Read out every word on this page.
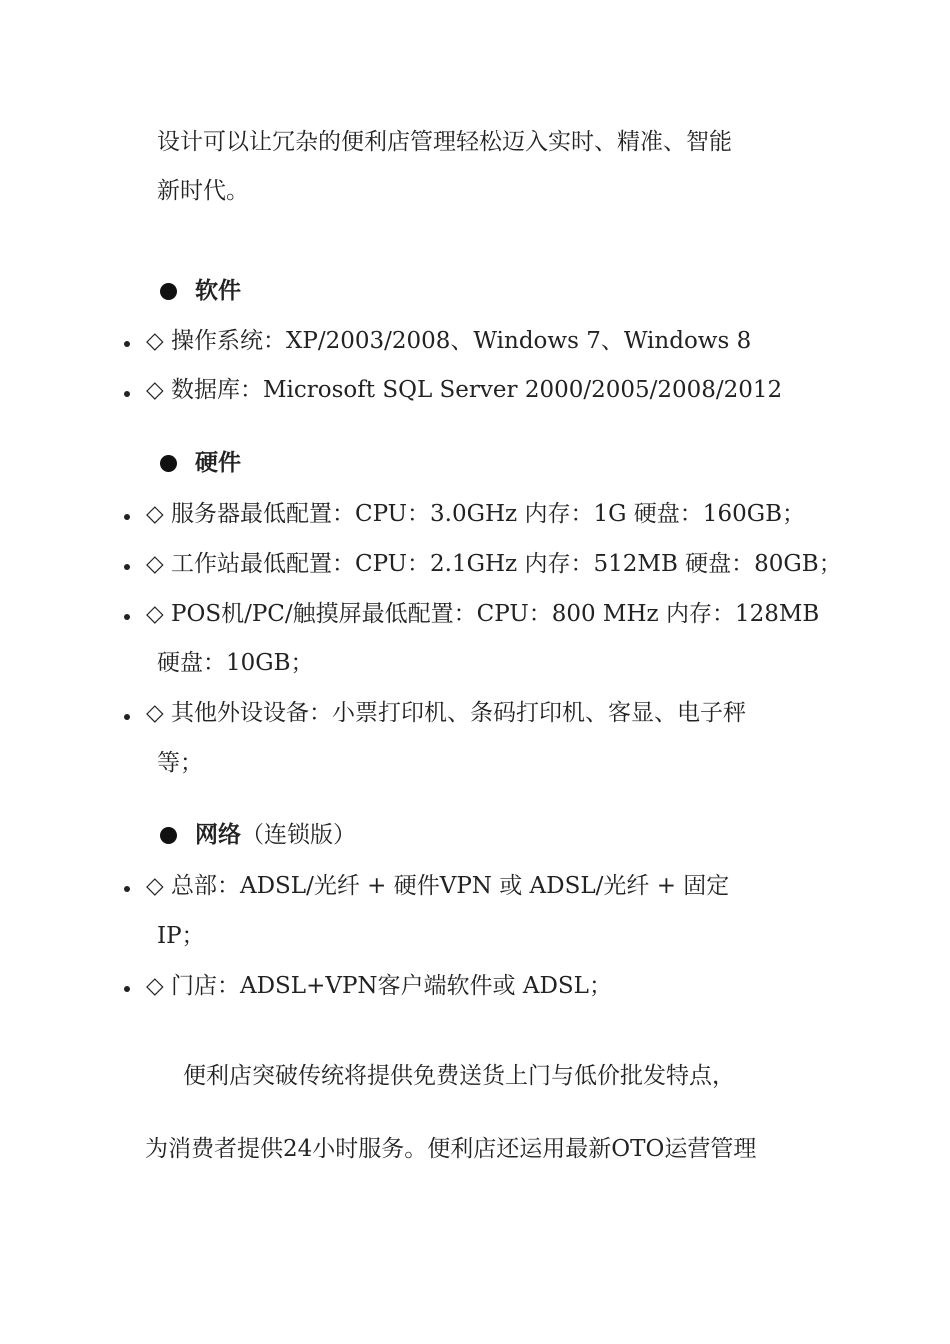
设计可以让冗杂的便利店管理轻松迈入实时、精准、智能
新时代。
软件
◇ 操作系统：XP/2003/2008、Windows 7、Windows 8
◇ 数据库：Microsoft SQL Server 2000/2005/2008/2012
硬件
◇ 服务器最低配置：CPU：3.0GHz 内存：1G 硬盘：160GB；
◇ 工作站最低配置：CPU：2.1GHz 内存：512MB 硬盘：80GB；
◇ POS机/PC/触摸屏最低配置：CPU：800 MHz 内存：128MB
硬盘：10GB；
◇ 其他外设设备：小票打印机、条码打印机、客显、电子秤
等；
网络（连锁版）
◇ 总部：ADSL/光纤 + 硬件VPN 或 ADSL/光纤 + 固定
IP；
◇ 门店：ADSL+VPN客户端软件或 ADSL；
便利店突破传统将提供免费送货上门与低价批发特点，
为消费者提供24小时服务。便利店还运用最新OTO运营管理
